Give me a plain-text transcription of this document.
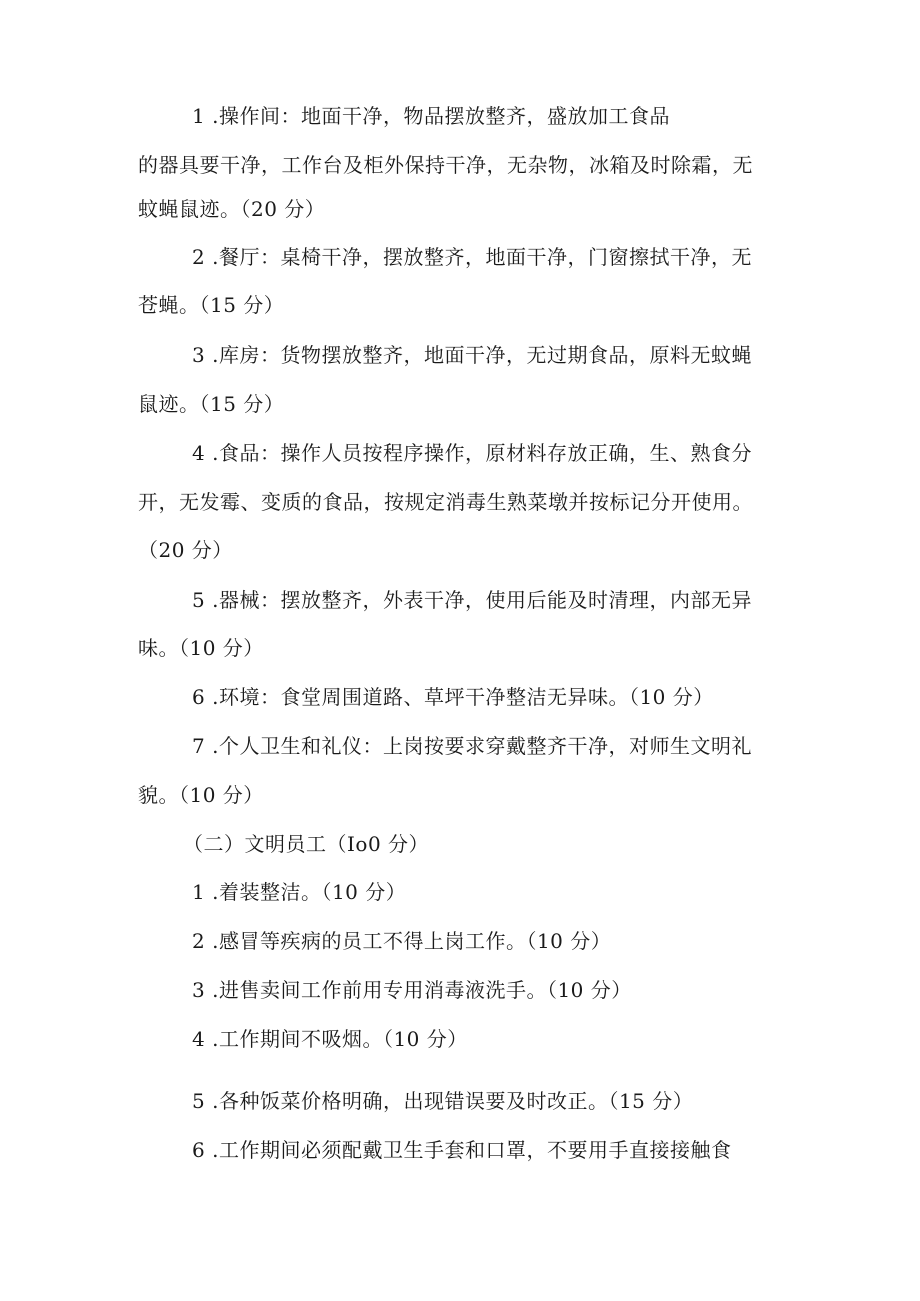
1 .操作间：地面干净，物品摆放整齐，盛放加工食品
的器具要干净，工作台及柜外保持干净，无杂物，冰箱及时除霜，无
蚊蝇鼠迹。（20 分）
2 .餐厅：桌椅干净，摆放整齐，地面干净，门窗擦拭干净，无
苍蝇。（15 分）
3 .库房：货物摆放整齐，地面干净，无过期食品，原料无蚊蝇
鼠迹。（15 分）
4 .食品：操作人员按程序操作，原材料存放正确，生、熟食分
开，无发霉、变质的食品，按规定消毒生熟菜墩并按标记分开使用。
（20 分）
5 .器械：摆放整齐，外表干净，使用后能及时清理，内部无异
味。（10 分）
6 .环境：食堂周围道路、草坪干净整洁无异味。（10 分）
7 .个人卫生和礼仪：上岗按要求穿戴整齐干净，对师生文明礼
貌。（10 分）
（二）文明员工（Io0 分）
1 .着装整洁。（10 分）
2 .感冒等疾病的员工不得上岗工作。（10 分）
3 .进售卖间工作前用专用消毒液洗手。（10 分）
4 .工作期间不吸烟。（10 分）
5 .各种饭菜价格明确，出现错误要及时改正。（15 分）
6 .工作期间必须配戴卫生手套和口罩，不要用手直接接触食
